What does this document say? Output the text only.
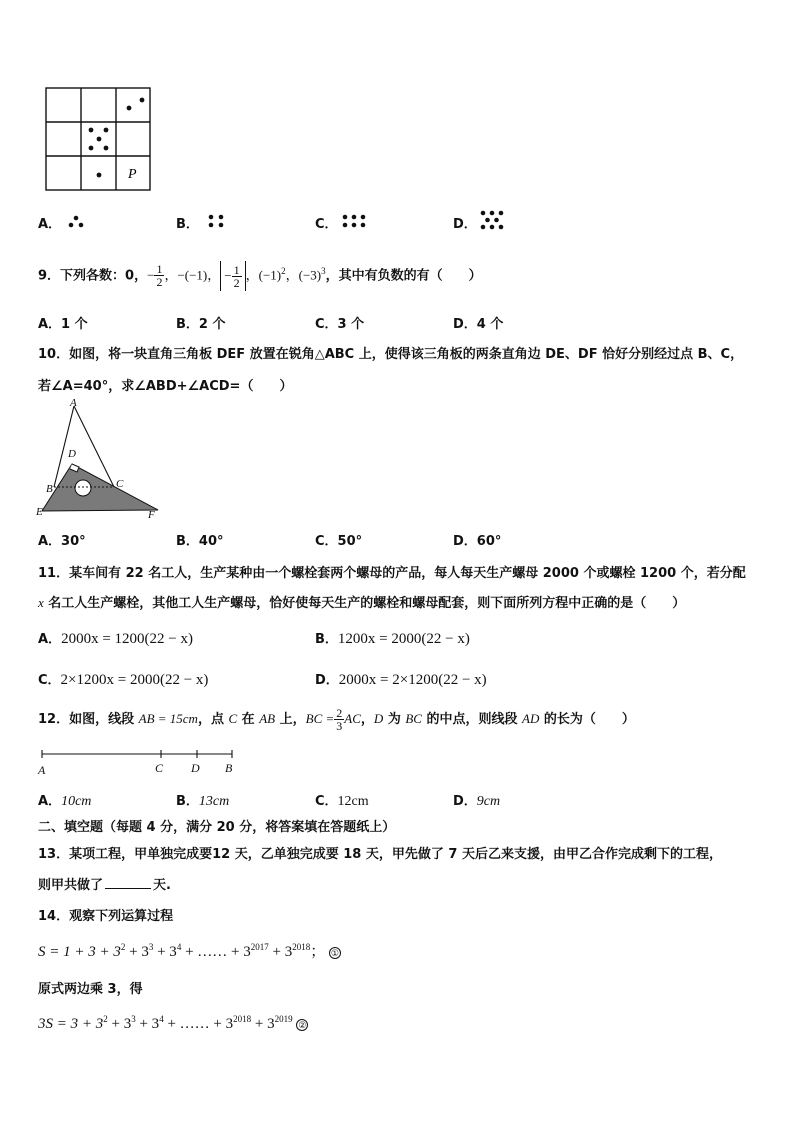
P
A．	B．	C．	D．
9．下列各数：0，− $\frac{1}{2}$ ，−(−1)， − $\frac{1}{2}$ ，$(-1)^2$，$(-3)^3$，其中有负数的有（　　）
A．1 个	B．2 个	C．3 个	D．4 个
10．如图，将一块直角三角板 DEF 放置在锐角△ABC 上，使得该三角板的两条直角边 DE、DF 恰好分别经过点 B、C，
若∠A=40°，求∠ABD+∠ACD=（　　）
A
D
B	C
E	F
A．30°	B．40°	C．50°	D．60°
11．某车间有 22 名工人，生产某种由一个螺栓套两个螺母的产品，每人每天生产螺母 2000 个或螺栓 1200 个，若分配
x 名工人生产螺栓，其他工人生产螺母，恰好使每天生产的螺栓和螺母配套，则下面所列方程中正确的是（　　）
A．2000x = 1200(22 − x)	B．1200x = 2000(22 − x)
C．2×1200x = 2000(22 − x)	D．2000x = 2×1200(22 − x)
12．如图，线段 AB = 15cm，点 C 在 AB 上，BC = $\frac{2}{3}$ AC，D 为 BC 的中点，则线段 AD 的长为（　　）
A	C D B
A．10cm	B．13cm	C．12cm	D．9cm
二、填空题（每题 4 分，满分 20 分，将答案填在答题纸上）
13．某项工程，甲单独完成要12 天，乙单独完成要 18 天，甲先做了 7 天后乙来支援，由甲乙合作完成剩下的工程，
则甲共做了	天.
14．观察下列运算过程
$S = 1 + 3 + 3^2 + 3^3 + 3^4$ + …… + $3^{2017} + 3^{2018}$； ①
原式两边乘 3，得
$3S = 3 + 3^2 + 3^3 + 3^4$ + …… + $3^{2018} + 3^{2019}$ ②
